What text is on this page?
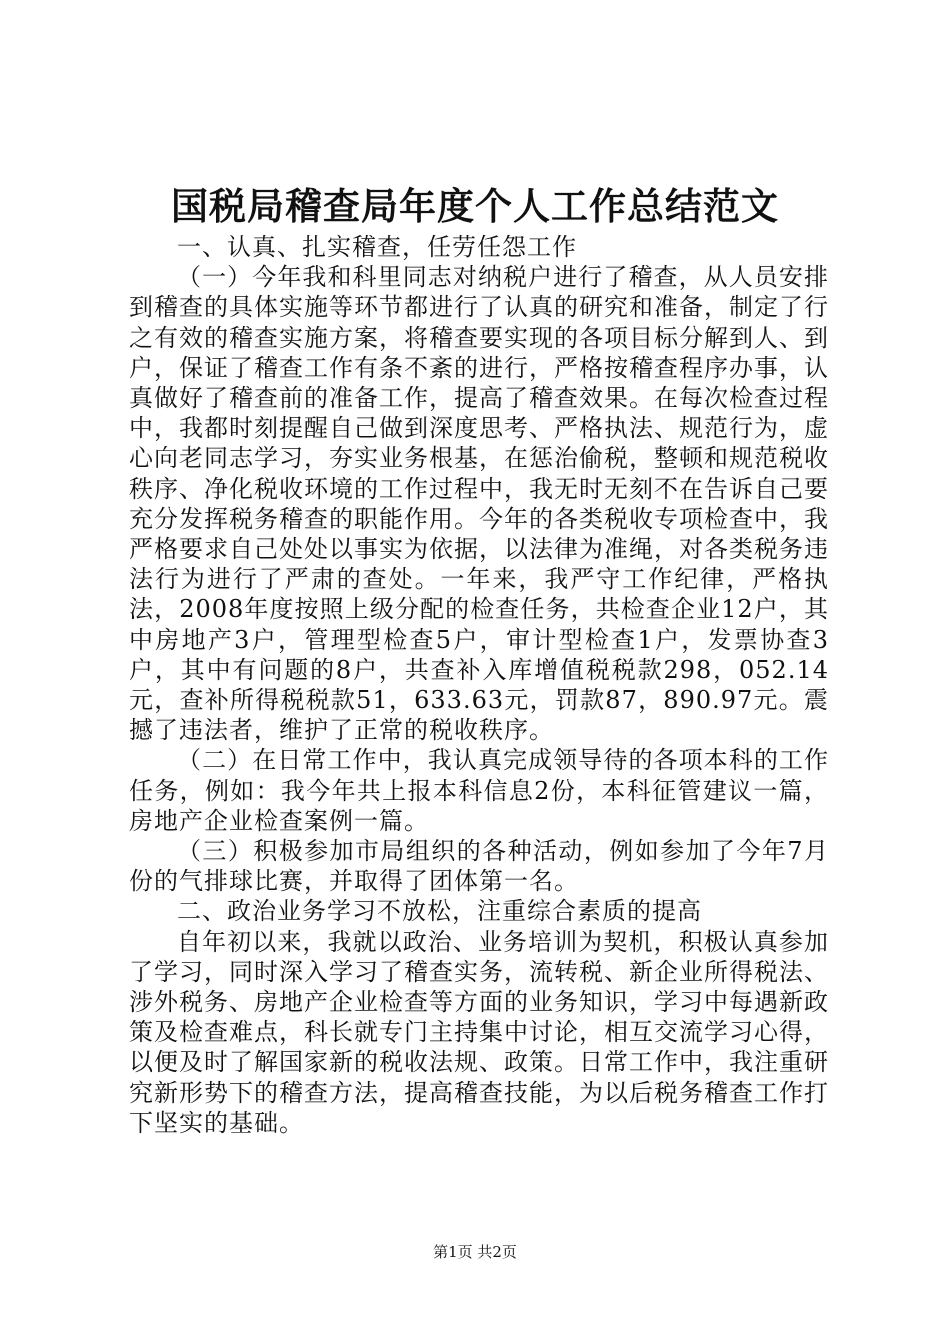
国税局稽查局年度个人工作总结范文

一、认真、扎实稽查，任劳任怨工作

（一）今年我和科里同志对纳税户进行了稽查，从人员安排到稽查的具体实施等环节都进行了认真的研究和准备，制定了行之有效的稽查实施方案，将稽查要实现的各项目标分解到人、到户，保证了稽查工作有条不紊的进行，严格按稽查程序办事，认真做好了稽查前的准备工作，提高了稽查效果。在每次检查过程中，我都时刻提醒自己做到深度思考、严格执法、规范行为，虚心向老同志学习，夯实业务根基，在惩治偷税，整顿和规范税收秩序、净化税收环境的工作过程中，我无时无刻不在告诉自己要充分发挥税务稽查的职能作用。今年的各类税收专项检查中，我严格要求自己处处以事实为依据，以法律为准绳，对各类税务违法行为进行了严肃的查处。一年来，我严守工作纪律，严格执法，2008年度按照上级分配的检查任务，共检查企业12户，其中房地产3户，管理型检查5户，审计型检查1户，发票协查3户，其中有问题的8户，共查补入库增值税税款298，052.14元，查补所得税税款51，633.63元，罚款87，890.97元。震撼了违法者，维护了正常的税收秩序。

（二）在日常工作中，我认真完成领导待的各项本科的工作任务，例如：我今年共上报本科信息2份，本科征管建议一篇，房地产企业检查案例一篇。

（三）积极参加市局组织的各种活动，例如参加了今年7月份的气排球比赛，并取得了团体第一名。

二、政治业务学习不放松，注重综合素质的提高

自年初以来，我就以政治、业务培训为契机，积极认真参加了学习，同时深入学习了稽查实务，流转税、新企业所得税法、涉外税务、房地产企业检查等方面的业务知识，学习中每遇新政策及检查难点，科长就专门主持集中讨论，相互交流学习心得，以便及时了解国家新的税收法规、政策。日常工作中，我注重研究新形势下的稽查方法，提高稽查技能，为以后税务稽查工作打下坚实的基础。

第1页 共2页
